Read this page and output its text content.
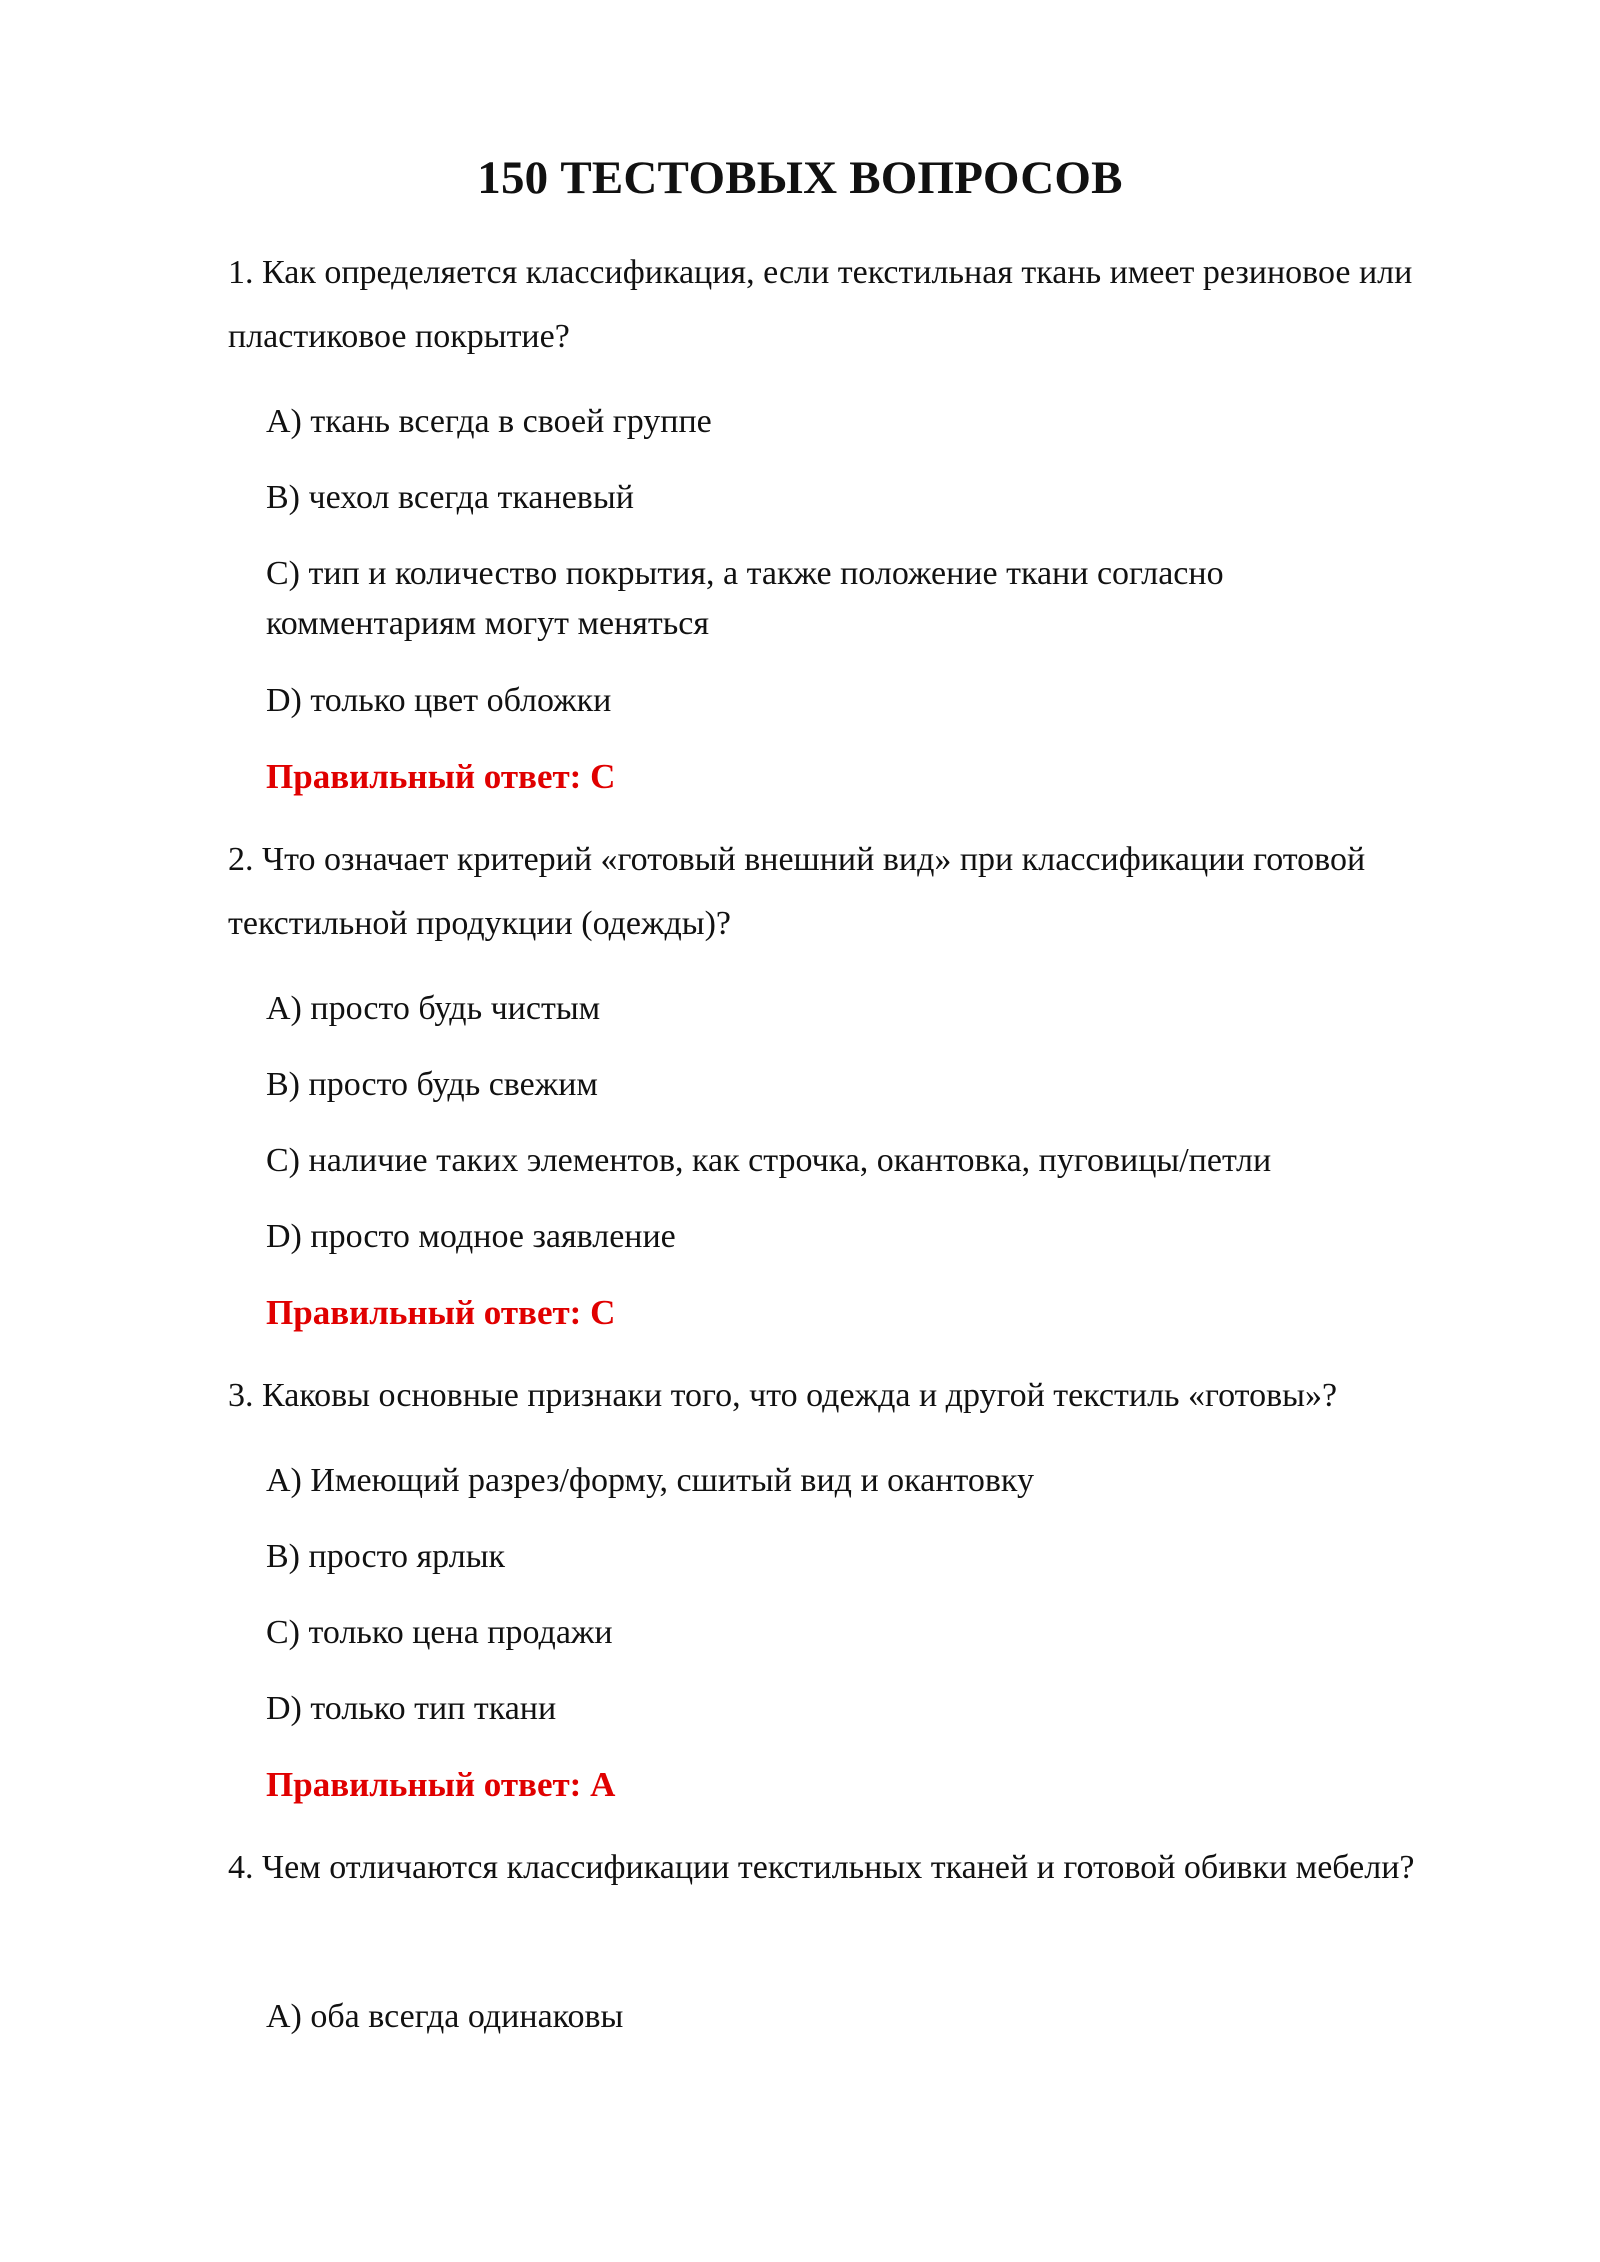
150 ТЕСТОВЫХ ВОПРОСОВ

1. Как определяется классификация, если текстильная ткань имеет резиновое или пластиковое покрытие?

A) ткань всегда в своей группе

B) чехол всегда тканевый

C) тип и количество покрытия, а также положение ткани согласно комментариям могут меняться

D) только цвет обложки

Правильный ответ: C

2. Что означает критерий «готовый внешний вид» при классификации готовой текстильной продукции (одежды)?

A) просто будь чистым

B) просто будь свежим

C) наличие таких элементов, как строчка, окантовка, пуговицы/петли

D) просто модное заявление

Правильный ответ: C

3. Каковы основные признаки того, что одежда и другой текстиль «готовы»?

A) Имеющий разрез/форму, сшитый вид и окантовку

B) просто ярлык

C) только цена продажи

D) только тип ткани

Правильный ответ: A

4. Чем отличаются классификации текстильных тканей и готовой обивки мебели?

A) оба всегда одинаковы
